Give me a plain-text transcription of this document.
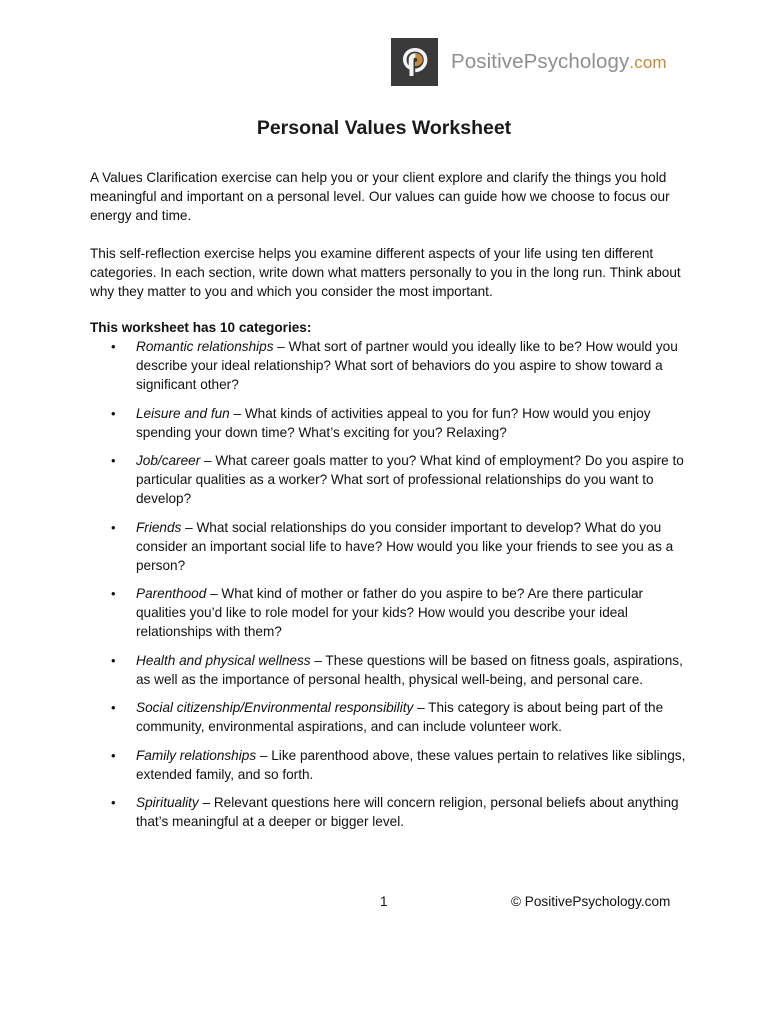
PositivePsychology.com
Personal Values Worksheet

A Values Clarification exercise can help you or your client explore and clarify the things you hold meaningful and important on a personal level. Our values can guide how we choose to focus our energy and time.

This self-reflection exercise helps you examine different aspects of your life using ten different categories. In each section, write down what matters personally to you in the long run. Think about why they matter to you and which you consider the most important.

This worksheet has 10 categories:
• Romantic relationships – What sort of partner would you ideally like to be? How would you describe your ideal relationship? What sort of behaviors do you aspire to show toward a significant other?
• Leisure and fun – What kinds of activities appeal to you for fun? How would you enjoy spending your down time? What’s exciting for you? Relaxing?
• Job/career – What career goals matter to you? What kind of employment? Do you aspire to particular qualities as a worker? What sort of professional relationships do you want to develop?
• Friends – What social relationships do you consider important to develop? What do you consider an important social life to have? How would you like your friends to see you as a person?
• Parenthood – What kind of mother or father do you aspire to be? Are there particular qualities you’d like to role model for your kids? How would you describe your ideal relationships with them?
• Health and physical wellness – These questions will be based on fitness goals, aspirations, as well as the importance of personal health, physical well-being, and personal care.
• Social citizenship/Environmental responsibility – This category is about being part of the community, environmental aspirations, and can include volunteer work.
• Family relationships – Like parenthood above, these values pertain to relatives like siblings, extended family, and so forth.
• Spirituality – Relevant questions here will concern religion, personal beliefs about anything that’s meaningful at a deeper or bigger level.
1	© PositivePsychology.com
